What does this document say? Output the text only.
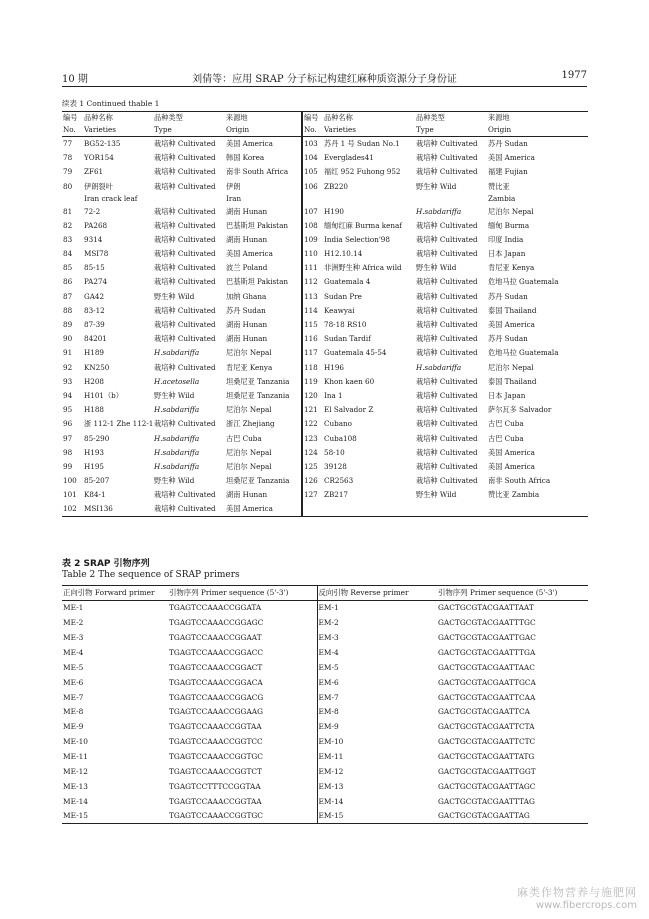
10 期	刘倩等：应用 SRAP 分子标记构建红麻种质资源分子身份证	1977
续表 1 Continued thable 1
编号	品种名称	品种类型	来源地	编号	品种名称	品种类型	来源地
No.	Varieties	Type	Origin	No.	Varieties	Type	Origin
77	BG52-135	栽培种 Cultivated	美国 America	103	苏丹 1 号 Sudan No.1	栽培种 Cultivated	苏丹 Sudan
78	YOR154	栽培种 Cultivated	韩国 Korea	104	Everglades41	栽培种 Cultivated	美国 America
79	ZF61	栽培种 Cultivated	南非 South Africa	105	福红 952 Fuhong 952	栽培种 Cultivated	福建 Fujian
80	伊朗裂叶	栽培种 Cultivated	伊朗	106	ZB220	野生种 Wild	赞比亚
	Iran crack leaf		Iran				Zambia
81	72-2	栽培种 Cultivated	湖南 Hunan	107	H190	H.sabdariffa	尼泊尔 Nepal
82	PA268	栽培种 Cultivated	巴基斯坦 Pakistan	108	缅甸红麻 Burma kenaf	栽培种 Cultivated	缅甸 Burma
83	9314	栽培种 Cultivated	湖南 Hunan	109	India Selection'98	栽培种 Cultivated	印度 India
84	MSI78	栽培种 Cultivated	美国 America	110	H12.10.14	栽培种 Cultivated	日本 Japan
85	85-15	栽培种 Cultivated	波兰 Poland	111	非洲野生种 Africa wild	野生种 Wild	肯尼亚 Kenya
86	PA274	栽培种 Cultivated	巴基斯坦 Pakistan	112	Guatemala 4	栽培种 Cultivated	危地马拉 Guatemala
87	GA42	野生种 Wild	加纳 Ghana	113	Sudan Pre	栽培种 Cultivated	苏丹 Sudan
88	83-12	栽培种 Cultivated	苏丹 Sudan	114	Keawyai	栽培种 Cultivated	泰国 Thailand
89	87-39	栽培种 Cultivated	湖南 Hunan	115	78-18 RS10	栽培种 Cultivated	美国 America
90	84201	栽培种 Cultivated	湖南 Hunan	116	Sudan Tardif	栽培种 Cultivated	苏丹 Sudan
91	H189	H.sabdariffa	尼泊尔 Nepal	117	Guatemala 45-54	栽培种 Cultivated	危地马拉 Guatemala
92	KN250	栽培种 Cultivated	肯尼亚 Kenya	118	H196	H.sabdariffa	尼泊尔 Nepal
93	H208	H.acetosella	坦桑尼亚 Tanzania	119	Khon kaen 60	栽培种 Cultivated	泰国 Thailand
94	H101（b）	野生种 Wild	坦桑尼亚 Tanzania	120	Ina 1	栽培种 Cultivated	日本 Japan
95	H188	H.sabdariffa	尼泊尔 Nepal	121	El Salvador Z	栽培种 Cultivated	萨尔瓦多 Salvador
96	浙 112-1 Zhe 112-1	栽培种 Cultivated	浙江 Zhejiang	122	Cubano	栽培种 Cultivated	古巴 Cuba
97	85-290	H.sabdariffa	古巴 Cuba	123	Cuba108	栽培种 Cultivated	古巴 Cuba
98	H193	H.sabdariffa	尼泊尔 Nepal	124	58-10	栽培种 Cultivated	美国 America
99	H195	H.sabdariffa	尼泊尔 Nepal	125	39128	栽培种 Cultivated	美国 America
100	85-207	野生种 Wild	坦桑尼亚 Tanzania	126	CR2563	栽培种 Cultivated	南非 South Africa
101	K84-1	栽培种 Cultivated	湖南 Hunan	127	ZB217	野生种 Wild	赞比亚 Zambia
102	MSI136	栽培种 Cultivated	美国 America				
表 2 SRAP 引物序列
Table 2 The sequence of SRAP primers
正向引物 Forward primer	引物序列 Primer sequence (5'-3')	反向引物 Reverse primer	引物序列 Primer sequence (5'-3')
ME-1	TGAGTCCAAACCGGATA	EM-1	GACTGCGTACGAATTAAT
ME-2	TGAGTCCAAACCGGAGC	EM-2	GACTGCGTACGAATTTGC
ME-3	TGAGTCCAAACCGGAAT	EM-3	GACTGCGTACGAATTGAC
ME-4	TGAGTCCAAACCGGACC	EM-4	GACTGCGTACGAATTTGA
ME-5	TGAGTCCAAACCGGACT	EM-5	GACTGCGTACGAATTAAC
ME-6	TGAGTCCAAACCGGACA	EM-6	GACTGCGTACGAATTGCA
ME-7	TGAGTCCAAACCGGACG	EM-7	GACTGCGTACGAATTCAA
ME-8	TGAGTCCAAACCGGAAG	EM-8	GACTGCGTACGAATTCA
ME-9	TGAGTCCAAACCGGTAA	EM-9	GACTGCGTACGAATTCTA
ME-10	TGAGTCCAAACCGGTCC	EM-10	GACTGCGTACGAATTCTC
ME-11	TGAGTCCAAACCGGTGC	EM-11	GACTGCGTACGAATTATG
ME-12	TGAGTCCAAACCGGTCT	EM-12	GACTGCGTACGAATTGGT
ME-13	TGAGTCCTTTCCGGTAA	EM-13	GACTGCGTACGAATTAGC
ME-14	TGAGTCCAAACCGGTAA	EM-14	GACTGCGTACGAATTTAG
ME-15	TGAGTCCAAACCGGTGC	EM-15	GACTGCGTACGAATTAG
麻类作物营养与施肥网
www.fibercrops.com
